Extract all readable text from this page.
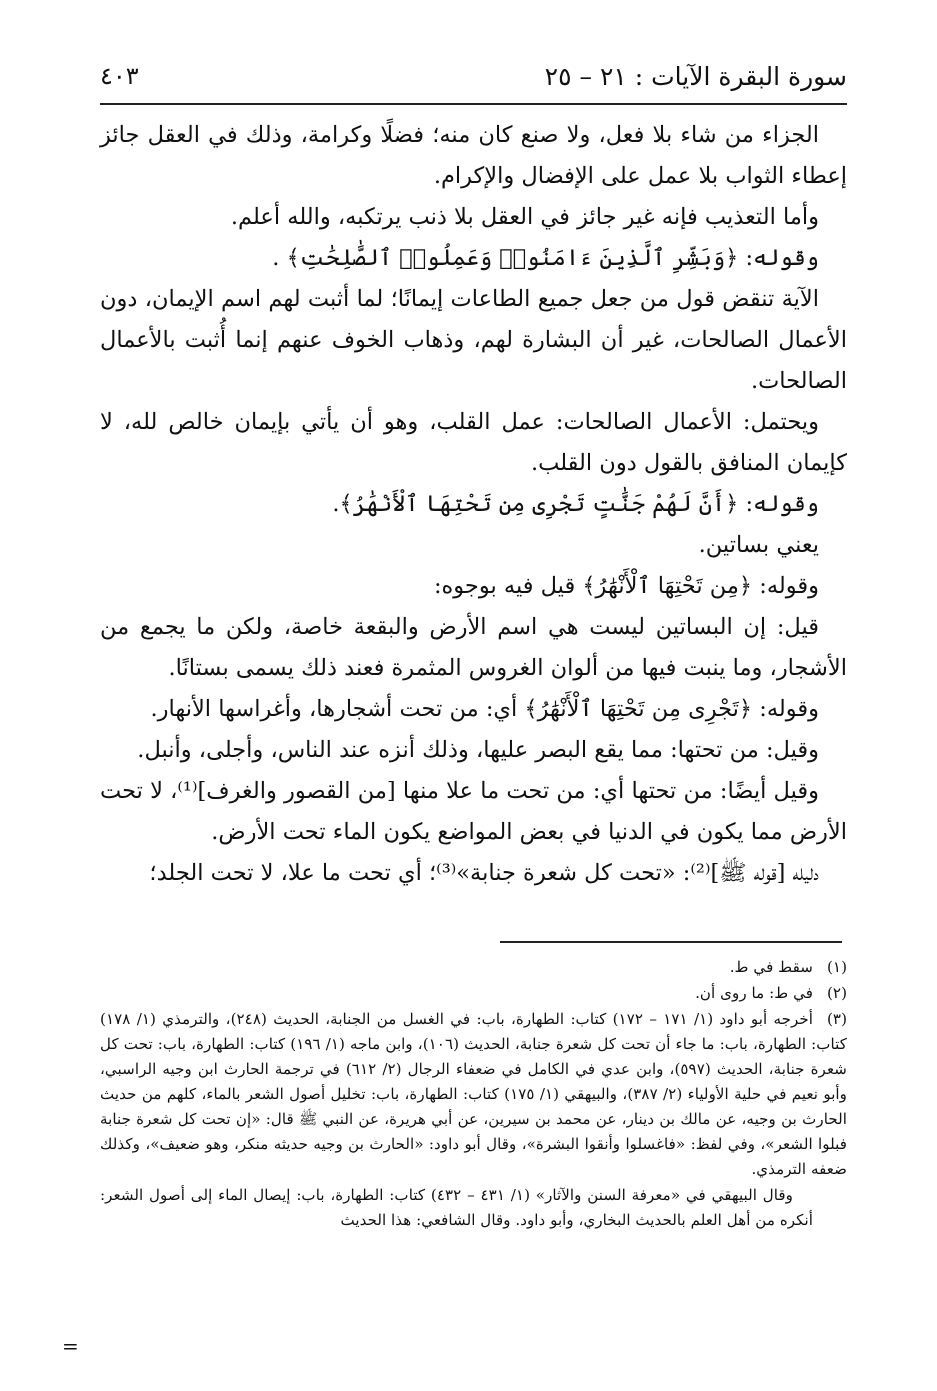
سورة البقرة الآيات : ٢١ – ٢٥
٤٠٣

الجزاء من شاء بلا فعل، ولا صنع كان منه؛ فضلًا وكرامة، وذلك في العقل جائز إعطاء الثواب بلا عمل على الإفضال والإكرام.

وأما التعذيب فإنه غير جائز في العقل بلا ذنب يرتكبه، والله أعلم.

وقوله: ﴿وَبَشِّرِ ٱلَّذِينَ ءَامَنُوا۟ وَعَمِلُوا۟ ٱلصَّٰلِحَٰتِ﴾ .

الآية تنقض قول من جعل جميع الطاعات إيمانًا؛ لما أثبت لهم اسم الإيمان، دون الأعمال الصالحات، غير أن البشارة لهم، وذهاب الخوف عنهم إنما أُثبت بالأعمال الصالحات.

ويحتمل: الأعمال الصالحات: عمل القلب، وهو أن يأتي بإيمان خالص لله، لا كإيمان المنافق بالقول دون القلب.

وقوله: ﴿أَنَّ لَهُمْ جَنَّٰتٍ تَجْرِى مِن تَحْتِهَا ٱلْأَنْهَٰرُ﴾.

يعني بساتين.

وقوله: ﴿مِن تَحْتِهَا ٱلْأَنْهَٰرُ﴾ قيل فيه بوجوه:

قيل: إن البساتين ليست هي اسم الأرض والبقعة خاصة، ولكن ما يجمع من الأشجار، وما ينبت فيها من ألوان الغروس المثمرة فعند ذلك يسمى بستانًا.

وقوله: ﴿تَجْرِى مِن تَحْتِهَا ٱلْأَنْهَٰرُ﴾ أي: من تحت أشجارها، وأغراسها الأنهار.

وقيل: من تحتها: مما يقع البصر عليها، وذلك أنزه عند الناس، وأجلى، وأنبل.

وقيل أيضًا: من تحتها أي: من تحت ما علا منها [من القصور والغرف]⁽¹⁾، لا تحت الأرض مما يكون في الدنيا في بعض المواضع يكون الماء تحت الأرض.

دليله [قوله ﷺ]⁽²⁾: «تحت كل شعرة جنابة»⁽³⁾؛ أي تحت ما علا، لا تحت الجلد؛

(١)سقط في ط.

(٢)في ط: ما روى أن.

(٣)أخرجه أبو داود (١/ ١٧١ – ١٧٢) كتاب: الطهارة، باب: في الغسل من الجنابة، الحديث (٢٤٨)، والترمذي (١/ ١٧٨) كتاب: الطهارة، باب: ما جاء أن تحت كل شعرة جنابة، الحديث (١٠٦)، وابن ماجه (١/ ١٩٦) كتاب: الطهارة، باب: تحت كل شعرة جنابة، الحديث (٥٩٧)، وابن عدي في الكامل في ضعفاء الرجال (٢/ ٦١٢) في ترجمة الحارث ابن وجيه الراسبي، وأبو نعيم في حلية الأولياء (٢/ ٣٨٧)، والبيهقي (١/ ١٧٥) كتاب: الطهارة، باب: تخليل أصول الشعر بالماء، كلهم من حديث الحارث بن وجيه، عن مالك بن دينار، عن محمد بن سيرين، عن أبي هريرة، عن النبي ﷺ قال: «إن تحت كل شعرة جنابة فبلوا الشعر»، وفي لفظ: «فاغسلوا وأنقوا البشرة»، وقال أبو داود: «الحارث بن وجيه حديثه منكر، وهو ضعيف»، وكذلك ضعفه الترمذي.

وقال البيهقي في «معرفة السنن والآثار» (١/ ٤٣١ – ٤٣٢) كتاب: الطهارة، باب: إيصال الماء إلى أصول الشعر: أنكره من أهل العلم بالحديث البخاري، وأبو داود. وقال الشافعي: هذا الحديث

=
